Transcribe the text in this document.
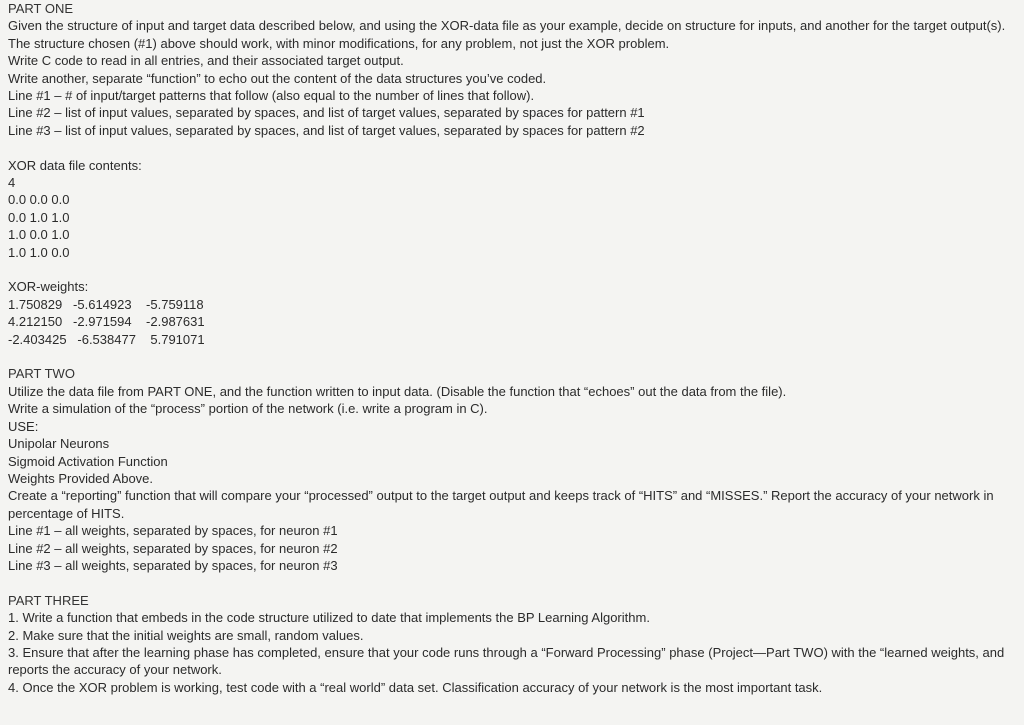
PART ONE

Given the structure of input and target data described below, and using the XOR-data file as your example, decide on structure for inputs, and another for the target output(s).

The structure chosen (#1) above should work, with minor modifications, for any problem, not just the XOR problem.

Write C code to read in all entries, and their associated target output.

Write another, separate “function” to echo out the content of the data structures you’ve coded.

Line #1 – # of input/target patterns that follow (also equal to the number of lines that follow).

Line #2 – list of input values, separated by spaces, and list of target values, separated by spaces for pattern #1

Line #3 – list of input values, separated by spaces, and list of target values, separated by spaces for pattern #2

XOR data file contents:

4

0.0 0.0 0.0

0.0 1.0 1.0

1.0 0.0 1.0

1.0 1.0 0.0

XOR-weights:

1.750829   -5.614923    -5.759118

4.212150   -2.971594    -2.987631

-2.403425   -6.538477    5.791071

PART TWO

Utilize the data file from PART ONE, and the function written to input data. (Disable the function that “echoes” out the data from the file).

Write a simulation of the “process” portion of the network (i.e. write a program in C).

USE:

Unipolar Neurons

Sigmoid Activation Function

Weights Provided Above.

Create a “reporting” function that will compare your “processed” output to the target output and keeps track of “HITS” and “MISSES.” Report the accuracy of your network in percentage of HITS.

Line #1 – all weights, separated by spaces, for neuron #1

Line #2 – all weights, separated by spaces, for neuron #2

Line #3 – all weights, separated by spaces, for neuron #3

PART THREE

1. Write a function that embeds in the code structure utilized to date that implements the BP Learning Algorithm.

2. Make sure that the initial weights are small, random values.

3. Ensure that after the learning phase has completed, ensure that your code runs through a “Forward Processing” phase (Project—Part TWO) with the “learned weights, and reports the accuracy of your network.

4. Once the XOR problem is working, test code with a “real world” data set. Classification accuracy of your network is the most important task.
